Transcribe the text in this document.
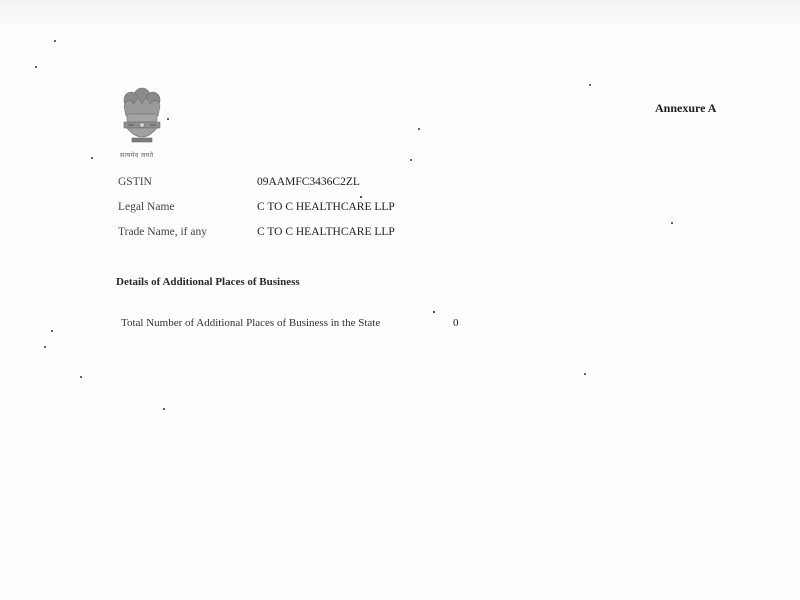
सत्यमेव जयते
Annexure A
GSTIN	09AAMFC3436C2ZL
Legal Name	C TO C HEALTHCARE LLP
Trade Name, if any	C TO C HEALTHCARE LLP
Details of Additional Places of Business
Total Number of Additional Places of Business in the State	0
